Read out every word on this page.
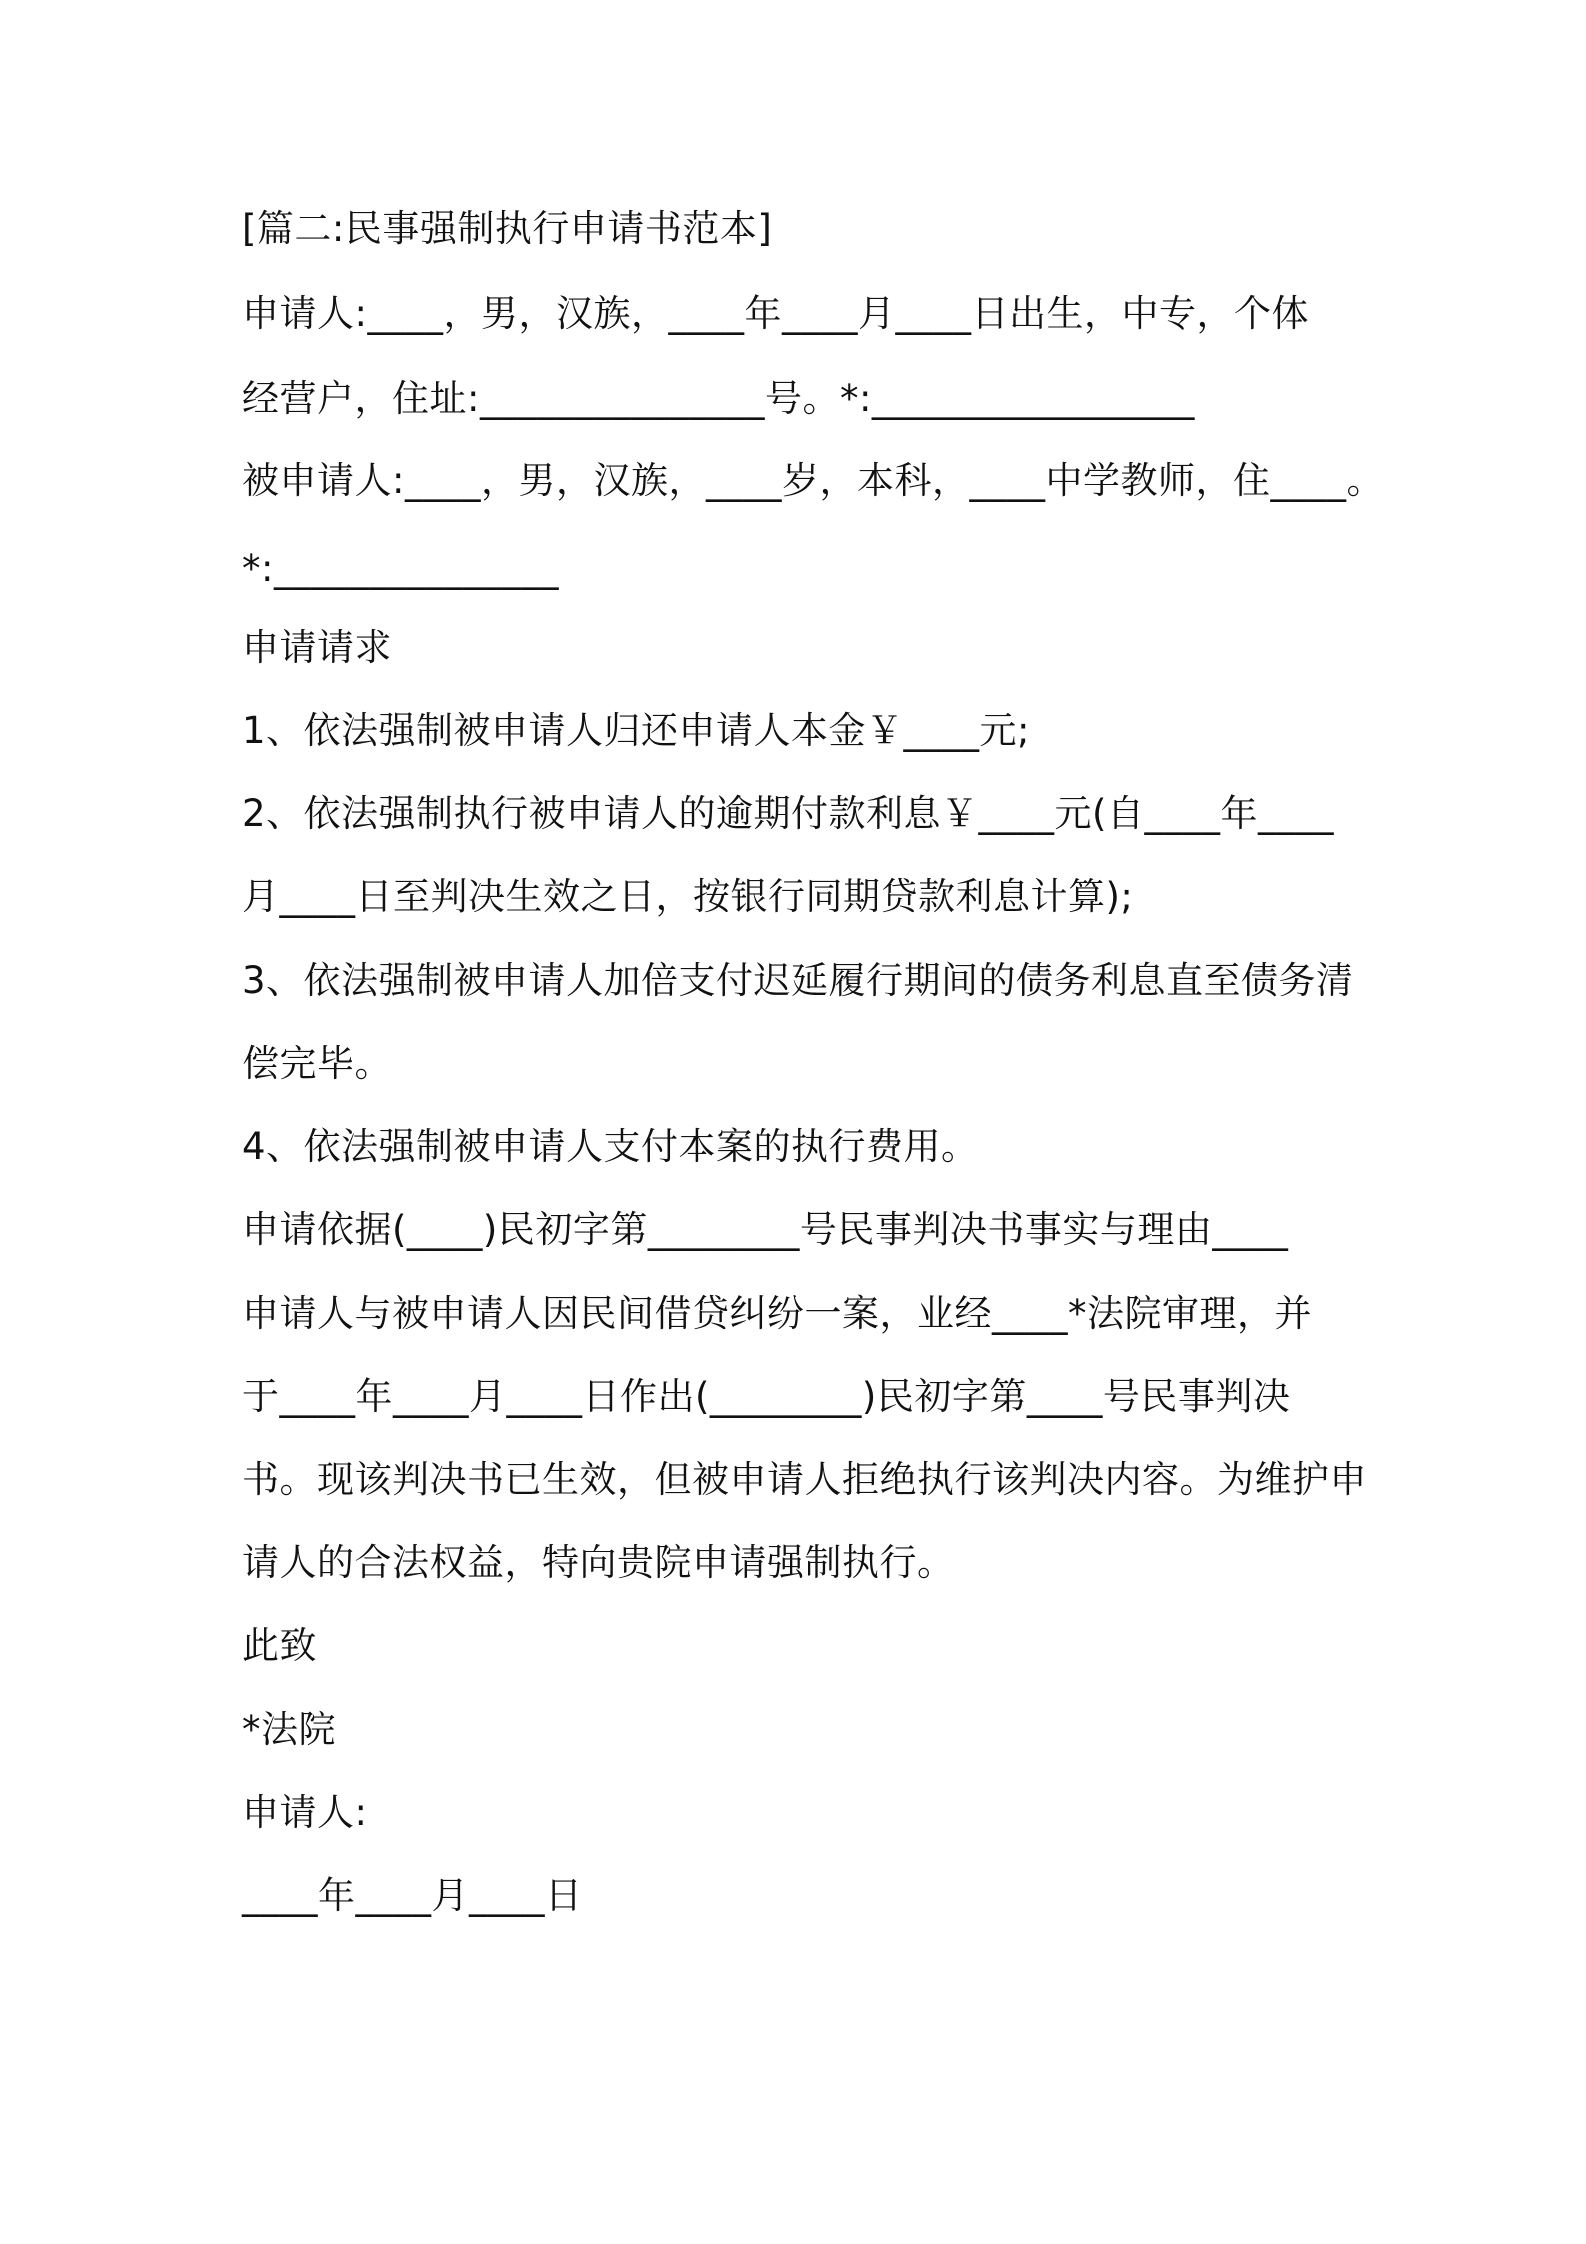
[篇二:民事强制执行申请书范本]
申请人:____，男，汉族，____年____月____日出生，中专，个体
经营户，住址:_______________号。*:_________________
被申请人:____，男，汉族，____岁，本科，____中学教师，住____。
*:_______________
申请请求
1、依法强制被申请人归还申请人本金￥____元;
2、依法强制执行被申请人的逾期付款利息￥____元(自____年____
月____日至判决生效之日，按银行同期贷款利息计算);
3、依法强制被申请人加倍支付迟延履行期间的债务利息直至债务清
偿完毕。
4、依法强制被申请人支付本案的执行费用。
申请依据(____)民初字第________号民事判决书事实与理由____
申请人与被申请人因民间借贷纠纷一案，业经____*法院审理，并
于____年____月____日作出(________)民初字第____号民事判决
书。现该判决书已生效，但被申请人拒绝执行该判决内容。为维护申
请人的合法权益，特向贵院申请强制执行。
此致
*法院
申请人:
____年____月____日
